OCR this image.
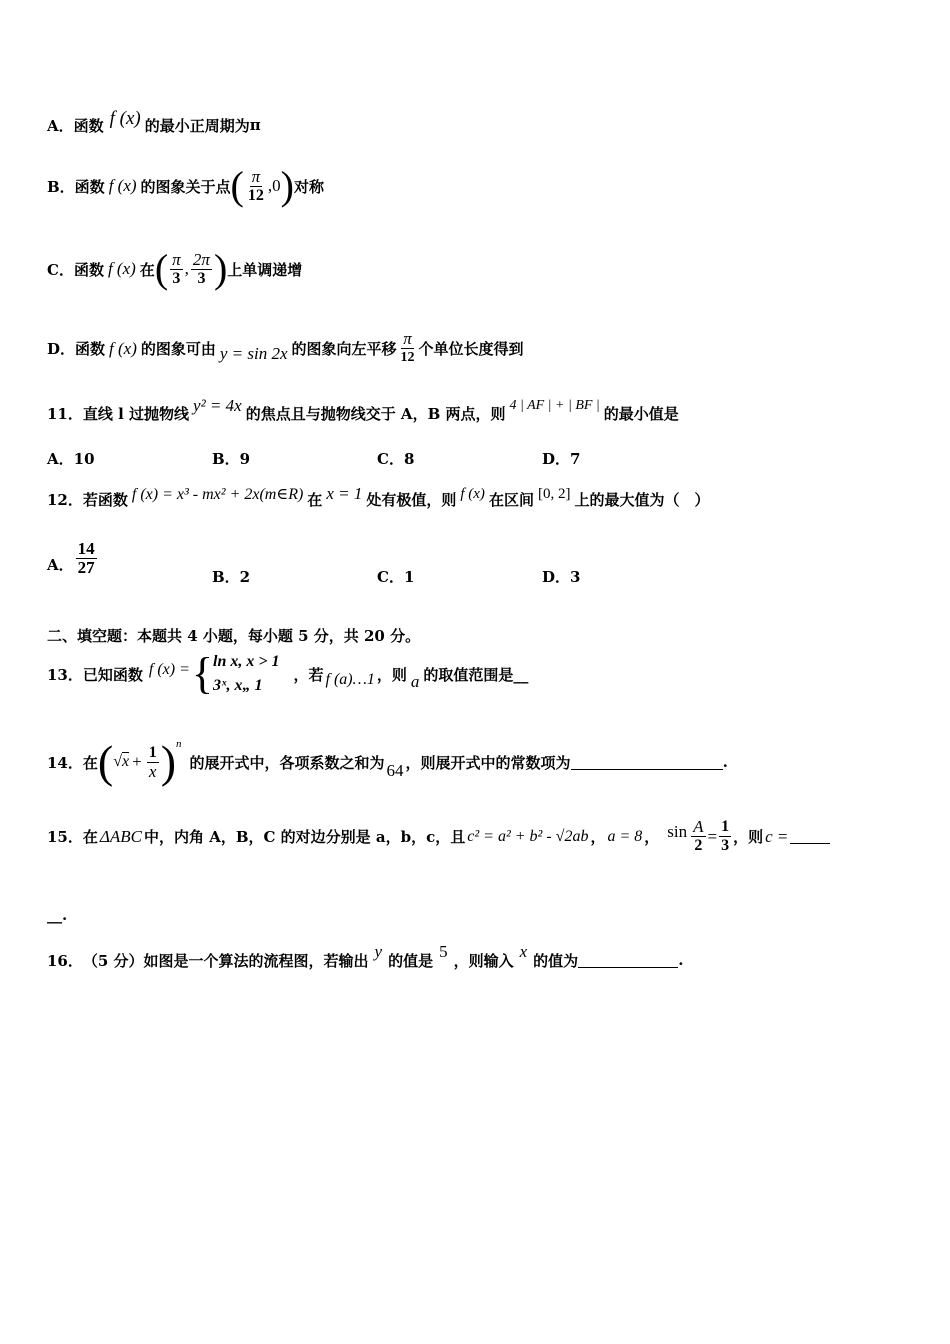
A．函数 f (x) 的最小正周期为 π
B．函数 f (x) 的图象关于点 ( $\frac{\pi}{12} ,0$ ) 对称
C．函数 f (x) 在 ( $\frac{\pi}{3}$ , $\frac{2\pi}{3}$ ) 上单调递增
D．函数 f (x) 的图象可由 y = sin 2x 的图象向左平移 $\frac{\pi}{12}$ 个单位长度得到
11． 直线 l 过抛物线 y² = 4x 的焦点且与抛物线交于 A，B 两点，则 4 | AF | + | BF | 的最小值是
A．10	B．9	C．8	D．7
12． 若函数 f (x) = x³ - mx² + 2x(m∈R) 在 x = 1 处有极值，则 f (x) 在区间 [0, 2] 上的最大值为（　）
A． $\frac{14}{27}$	B．2	C．1	D．3
二、填空题：本题共 4 小题，每小题 5 分，共 20 分。
13． 已知函数 f (x) = { ln x, x > 1
3ˣ, x„ 1
，若 f (a)…1 ，则 a 的取值范围是__
14． 在 ( $√x + \frac{1}{x}$ ) n
的展开式中，各项系数之和为 64 ，则展开式中的常数项为	.
15． 在 ΔABC 中，内角 A，B，C 的对边分别是 a，b，c，且 c² = a² + b² - √2ab ， a = 8 ， $\sin \frac{A}{2} = \frac{1}{3}$ ，则 c =
__.
16． （5 分）如图是一个算法的流程图，若输出 y 的值是 5 ，则输入 x 的值为	.
